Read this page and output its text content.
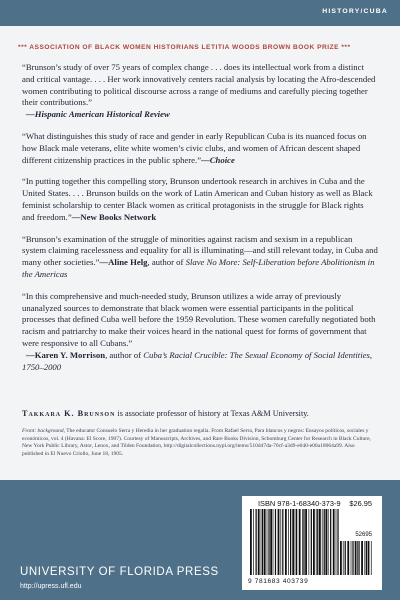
HISTORY/CUBA
*** ASSOCIATION OF BLACK WOMEN HISTORIANS LETITIA WOODS BROWN BOOK PRIZE ***

“Brunson’s study of over 75 years of complex change . . . does its intellectual work from a distinct and critical vantage. . . . Her work innovatively centers racial analysis by locating the Afro-descended women contributing to political discourse across a range of mediums and carefully piecing together their contributions.”
—Hispanic American Historical Review

“What distinguishes this study of race and gender in early Republican Cuba is its nuanced focus on how Black male veterans, elite white women’s civic clubs, and women of African descent shaped different citizenship practices in the public sphere.”—Choice

“In putting together this compelling story, Brunson undertook research in archives in Cuba and the United States. . . . Brunson builds on the work of Latin American and Cuban history as well as Black feminist scholarship to center Black women as critical protagonists in the struggle for Black rights and freedom.”—New Books Network

“Brunson’s examination of the struggle of minorities against racism and sexism in a republican system claiming racelessness and equality for all is illuminating—and still relevant today, in Cuba and many other societies.”—Aline Helg, author of Slave No More: Self-Liberation before Abolitionism in the Americas

“In this comprehensive and much-needed study, Brunson utilizes a wide array of previously unanalyzed sources to demonstrate that black women were essential participants in the political processes that defined Cuba well before the 1959 Revolution. These women carefully negotiated both racism and patriarchy to make their voices heard in the national quest for forms of government that were responsive to all Cubans.”
—Karen Y. Morrison, author of Cuba’s Racial Crucible: The Sexual Economy of Social Identities, 1750–2000

Takkara K. Brunson is associate professor of history at Texas A&M University.
Front: background, The educator Consuelo Serra y Heredia in her graduation regalia. From Rafael Serra, Para blancos y negros: Ensayos políticos, sociales y económicos, vol. 4 (Havana: El Score, 1907). Courtesy of Manuscripts, Archives, and Rare Books Division, Schomburg Center for Research in Black Culture, New York Public Library, Astor, Lenox, and Tilden Foundation, http://digitalcollections.nypl.org/items/510d47da-70cf-a3d9-e040-e00a18064a99. Also published in El Nuevo Criollo, June 18, 1905.
UNIVERSITY OF FLORIDA PRESS
http://upress.ufl.edu
ISBN 978-1-68340-373-9 $26.95
52695
9 781683 403739
